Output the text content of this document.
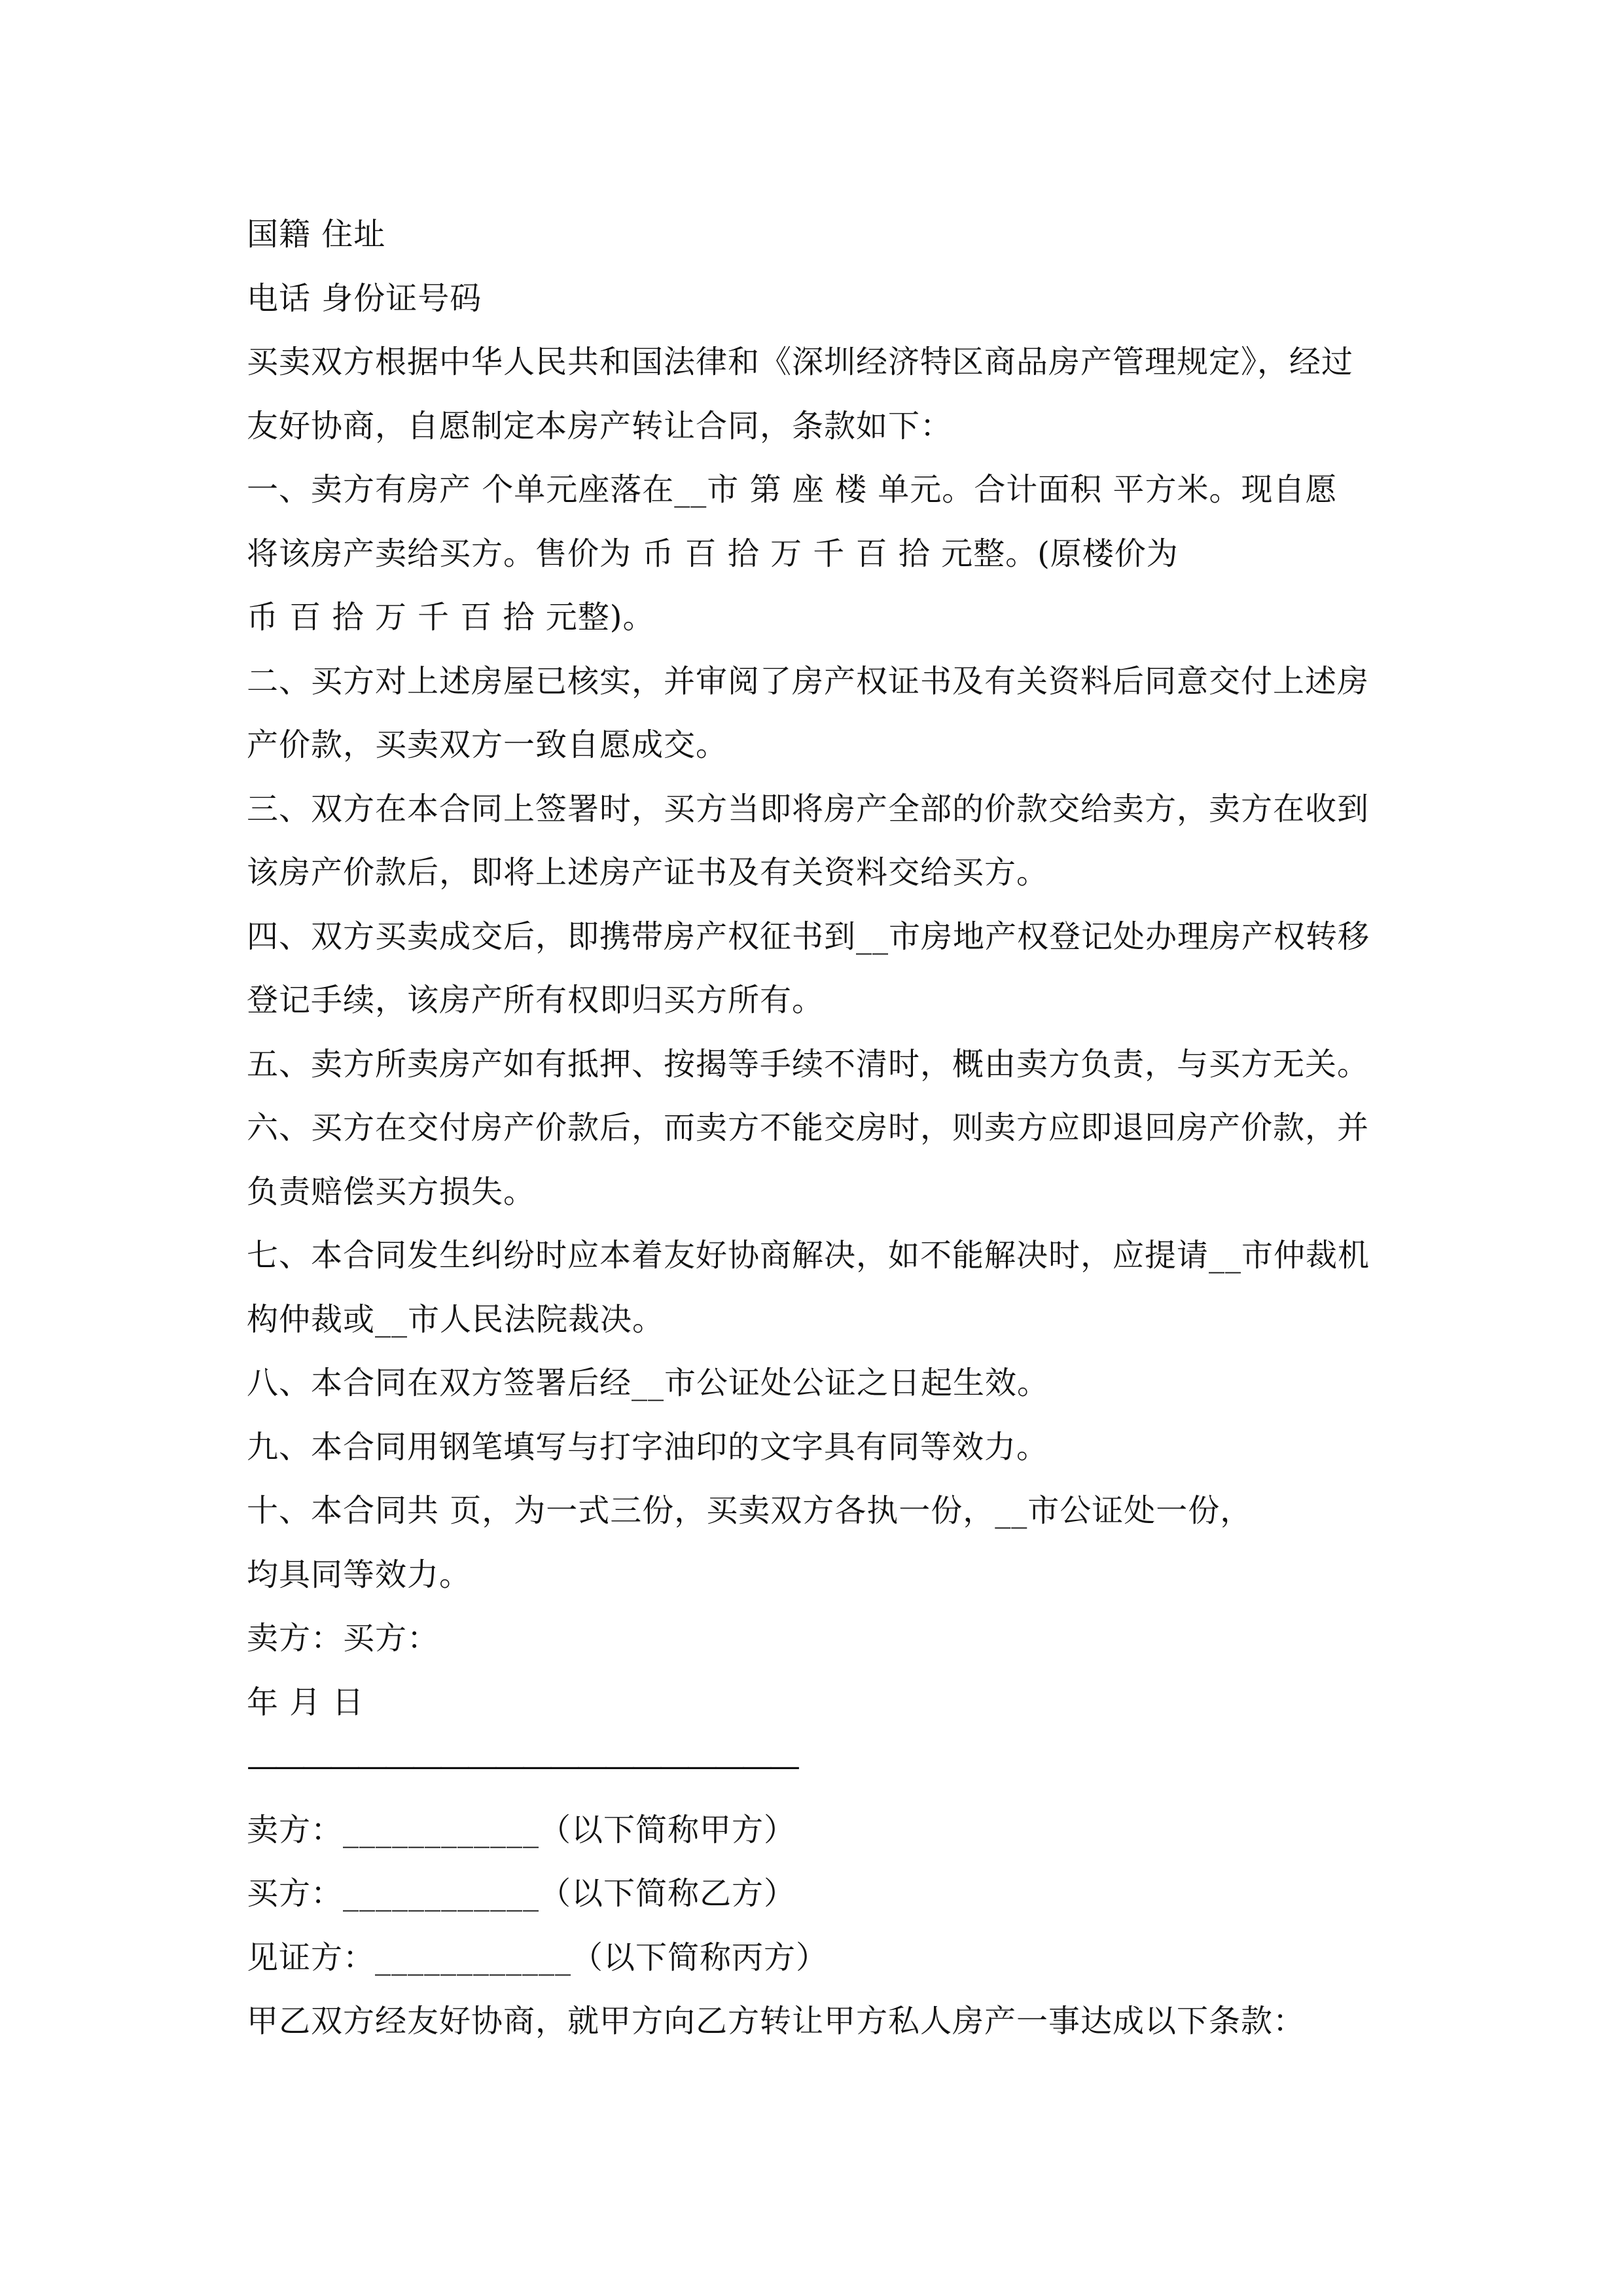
国籍 住址
电话 身份证号码
买卖双方根据中华人民共和国法律和《深圳经济特区商品房产管理规定》，经过
友好协商，自愿制定本房产转让合同，条款如下：
一、卖方有房产 个单元座落在__市 第 座 楼 单元。合计面积 平方米。现自愿
将该房产卖给买方。售价为 币 百 拾 万 千 百 拾 元整。(原楼价为
币 百 拾 万 千 百 拾 元整)。
二、买方对上述房屋已核实，并审阅了房产权证书及有关资料后同意交付上述房
产价款，买卖双方一致自愿成交。
三、双方在本合同上签署时，买方当即将房产全部的价款交给卖方，卖方在收到
该房产价款后，即将上述房产证书及有关资料交给买方。
四、双方买卖成交后，即携带房产权征书到__市房地产权登记处办理房产权转移
登记手续，该房产所有权即归买方所有。
五、卖方所卖房产如有抵押、按揭等手续不清时，概由卖方负责，与买方无关。
六、买方在交付房产价款后，而卖方不能交房时，则卖方应即退回房产价款，并
负责赔偿买方损失。
七、本合同发生纠纷时应本着友好协商解决，如不能解决时，应提请__市仲裁机
构仲裁或__市人民法院裁决。
八、本合同在双方签署后经__市公证处公证之日起生效。
九、本合同用钢笔填写与打字油印的文字具有同等效力。
十、本合同共 页，为一式三份，买卖双方各执一份，__市公证处一份，
均具同等效力。
卖方：买方：
年 月 日
————————————————————
卖方：____________（以下简称甲方）
买方：____________（以下简称乙方）
见证方：____________（以下简称丙方）
甲乙双方经友好协商，就甲方向乙方转让甲方私人房产一事达成以下条款：
